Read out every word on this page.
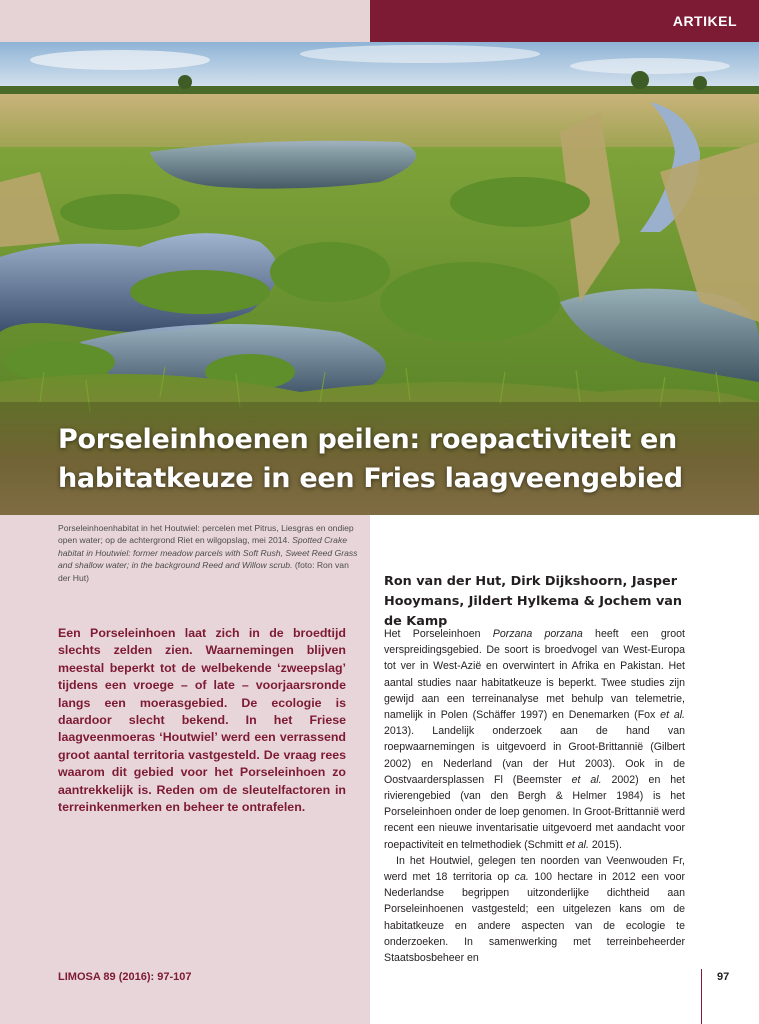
ARTIKEL
Porseleinhoenen peilen: roepactiviteit en habitatkeuze in een Fries laagveengebied
Porseleinhoenhabitat in het Houtwiel: percelen met Pitrus, Liesgras en ondiep open water; op de achtergrond Riet en wilgopslag, mei 2014. Spotted Crake habitat in Houtwiel: former meadow parcels with Soft Rush, Sweet Reed Grass and shallow water; in the background Reed and Willow scrub. (foto: Ron van der Hut)
Een Porseleinhoen laat zich in de broedtijd slechts zelden zien. Waarnemingen blijven meestal beperkt tot de welbekende ‘zweepslag’ tijdens een vroege – of late – voorjaarsronde langs een moerasgebied. De ecologie is daardoor slecht bekend. In het Friese laagveenmoeras ‘Houtwiel’ werd een verrassend groot aantal territoria vastgesteld. De vraag rees waarom dit gebied voor het Porseleinhoen zo aantrekkelijk is. Reden om de sleutelfactoren in terreinkenmerken en beheer te ontrafelen.
LIMOSA 89 (2016): 97-107
Ron van der Hut, Dirk Dijkshoorn, Jasper Hooymans, Jildert Hylkema & Jochem van de Kamp

Het Porseleinhoen Porzana porzana heeft een groot verspreidingsgebied. De soort is broedvogel van West-Europa tot ver in West-Azië en overwintert in Afrika en Pakistan. Het aantal studies naar habitatkeuze is beperkt. Twee studies zijn gewijd aan een terreinanalyse met behulp van telemetrie, namelijk in Polen (Schäffer 1997) en Denemarken (Fox et al. 2013). Landelijk onderzoek aan de hand van roepwaarnemingen is uitgevoerd in Groot-Brittannië (Gilbert 2002) en Nederland (van der Hut 2003). Ook in de Oostvaardersplassen Fl (Beemster et al. 2002) en het rivierengebied (van den Bergh & Helmer 1984) is het Porseleinhoen onder de loep genomen. In Groot-Brittannië werd recent een nieuwe inventarisatie uitgevoerd met aandacht voor roepactiviteit en telmethodiek (Schmitt et al. 2015).

In het Houtwiel, gelegen ten noorden van Veenwouden Fr, werd met 18 territoria op ca. 100 hectare in 2012 een voor Nederlandse begrippen uitzonderlijke dichtheid aan Porseleinhoenen vastgesteld; een uitgelezen kans om de habitatkeuze en andere aspecten van de ecologie te onderzoeken. In samenwerking met terreinbeheerder Staatsbosbeheer en

97
